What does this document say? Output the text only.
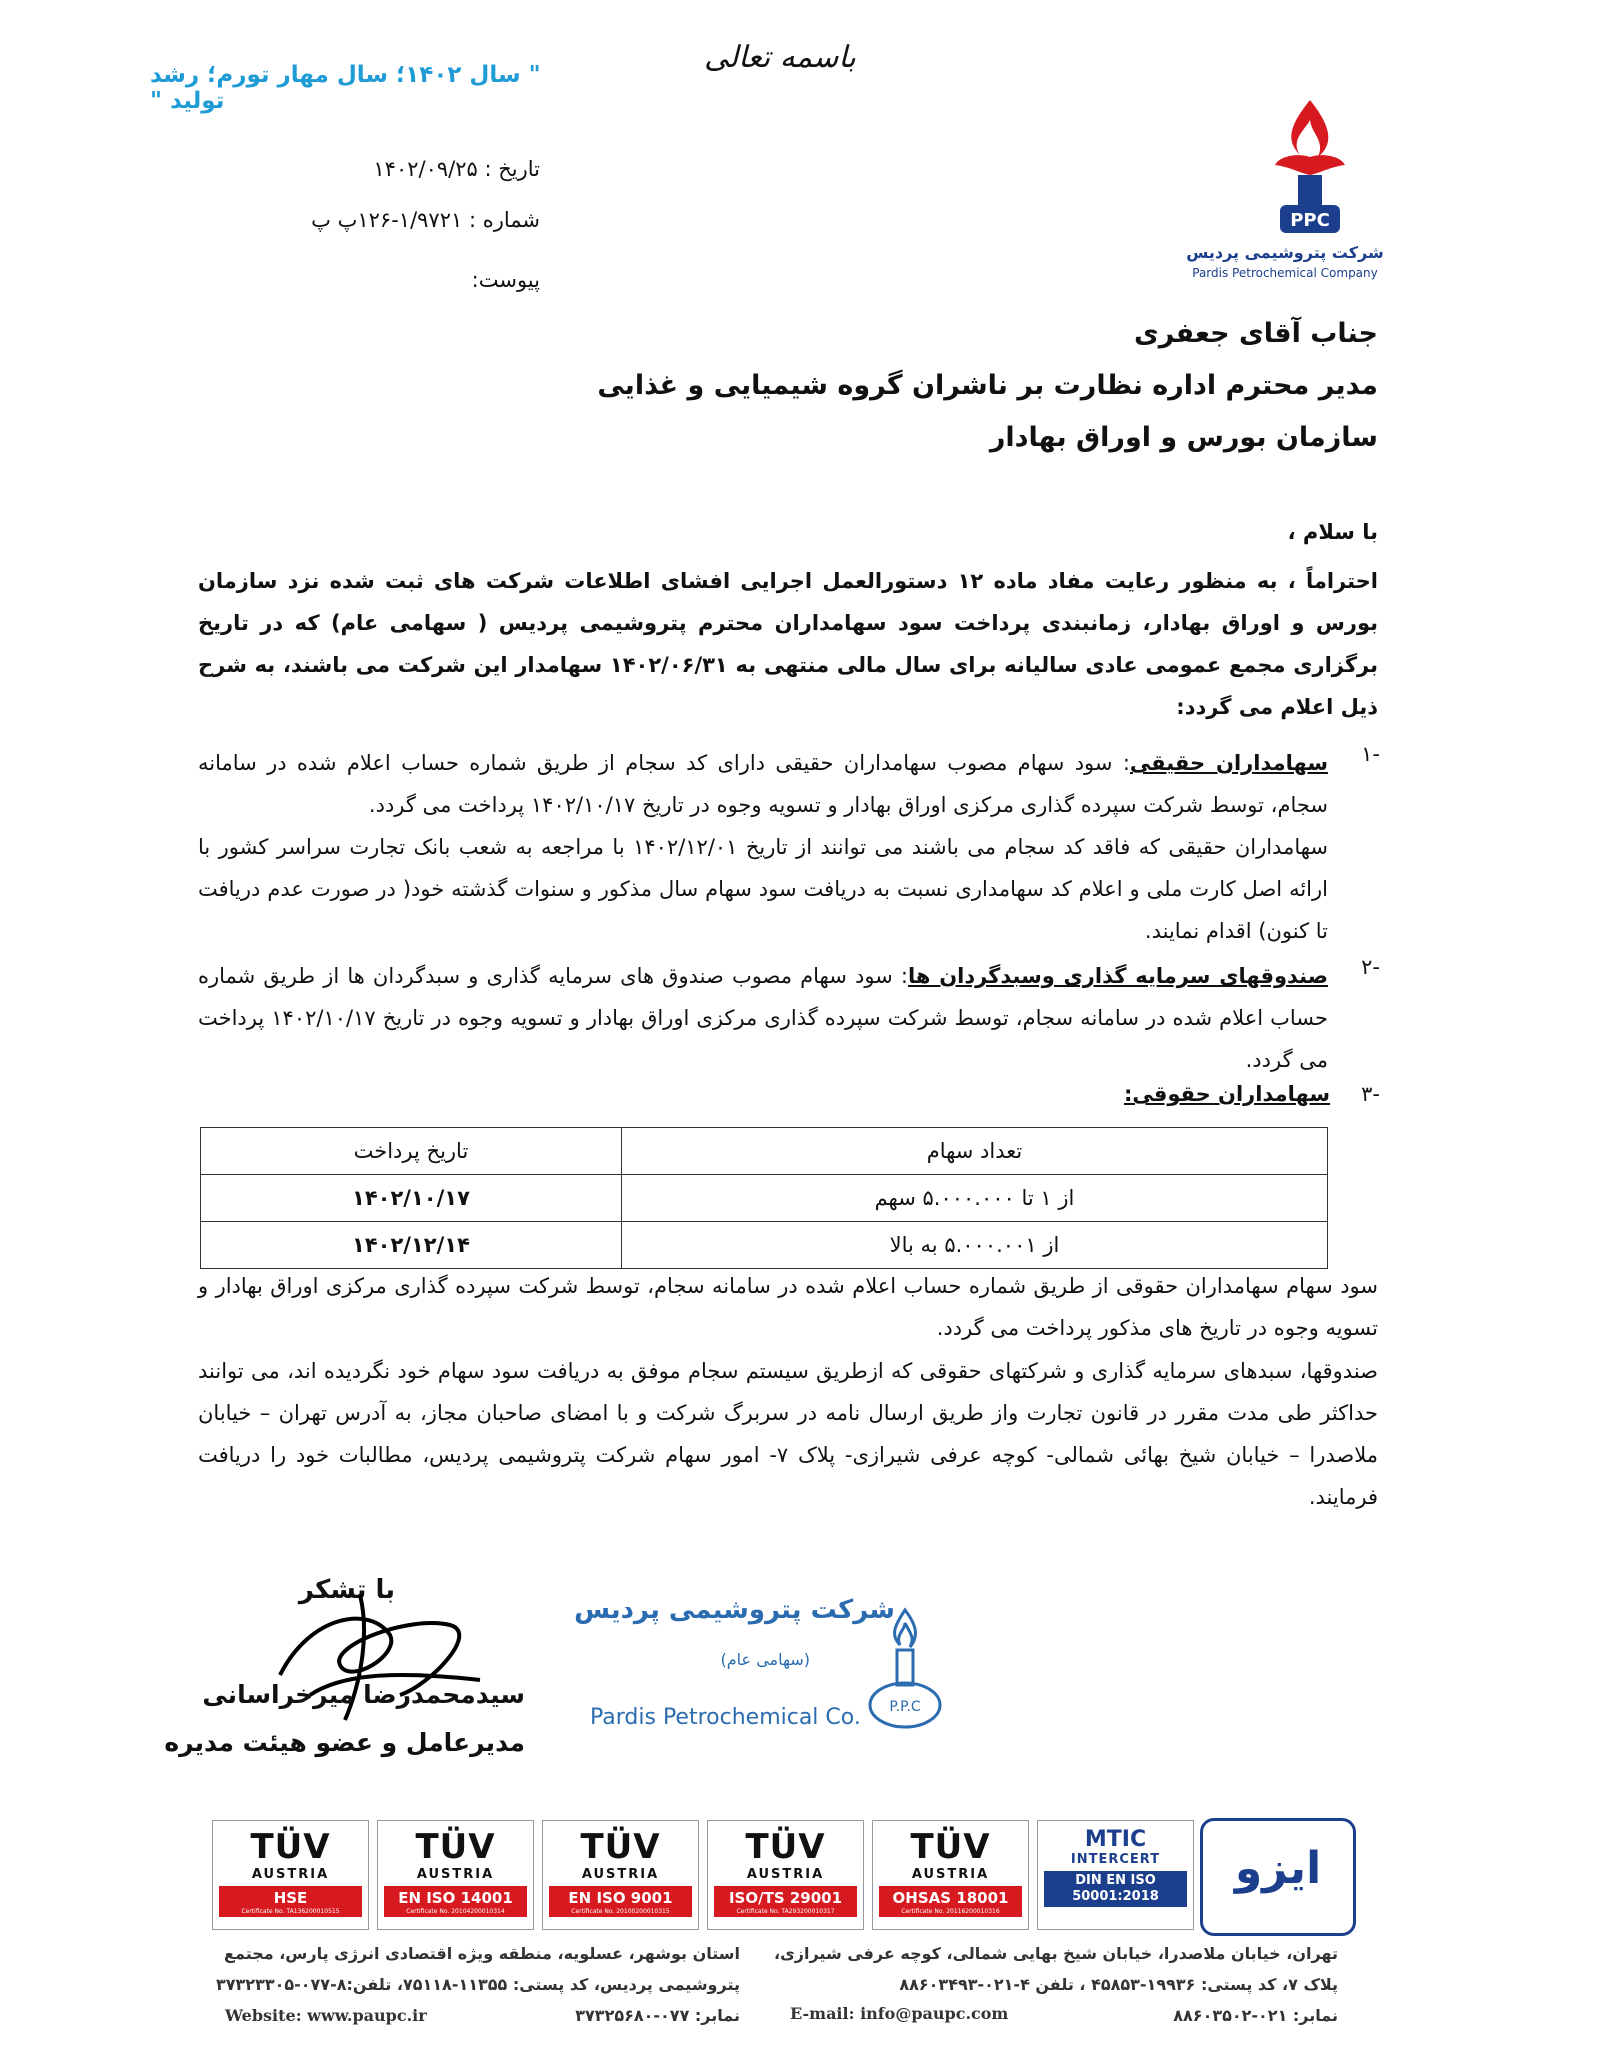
باسمه تعالی
" سال ۱۴۰۲؛ سال مهار تورم؛ رشد تولید "
تاریخ : ۱۴۰۲/۰۹/۲۵
شماره : ۱/۹۷۲۱-۱۲۶پ پ
پیوست:
PPC
شرکت پتروشیمی پردیس
Pardis Petrochemical Company
جناب آقای جعفری
مدیر محترم اداره نظارت بر ناشران گروه شیمیایی و غذایی
سازمان بورس و اوراق بهادار
با سلام ،
احتراماً ، به منظور رعایت مفاد ماده ۱۲ دستورالعمل اجرایی افشای اطلاعات شرکت های ثبت شده نزد سازمان بورس و اوراق بهادار، زمانبندی پرداخت سود سهامداران محترم پتروشیمی پردیس ( سهامی عام) که در تاریخ برگزاری مجمع عمومی عادی سالیانه برای سال مالی منتهی به ۱۴۰۲/۰۶/۳۱ سهامدار این شرکت می باشند، به شرح ذیل اعلام می گردد:
-۱
سهامداران حقیقی: سود سهام مصوب سهامداران حقیقی دارای کد سجام از طریق شماره حساب اعلام شده در سامانه سجام، توسط شرکت سپرده گذاری مرکزی اوراق بهادار و تسویه وجوه در تاریخ ۱۴۰۲/۱۰/۱۷ پرداخت می گردد.
سهامداران حقیقی که فاقد کد سجام می باشند می توانند از تاریخ ۱۴۰۲/۱۲/۰۱ با مراجعه به شعب بانک تجارت سراسر کشور با ارائه اصل کارت ملی و اعلام کد سهامداری نسبت به دریافت سود سهام سال مذکور و سنوات گذشته خود( در صورت عدم دریافت تا کنون) اقدام نمایند.
-۲
صندوقهای سرمایه گذاری وسبدگردان ها: سود سهام مصوب صندوق های سرمایه گذاری و سبدگردان ها از طریق شماره حساب اعلام شده در سامانه سجام، توسط شرکت سپرده گذاری مرکزی اوراق بهادار و تسویه وجوه در تاریخ ۱۴۰۲/۱۰/۱۷ پرداخت می گردد.
-۳
سهامداران حقوقی:
تعداد سهام	تاریخ پرداخت
از ۱ تا ۵.۰۰۰.۰۰۰ سهم	۱۴۰۲/۱۰/۱۷
از ۵.۰۰۰.۰۰۱ به بالا	۱۴۰۲/۱۲/۱۴
سود سهام سهامداران حقوقی از طریق شماره حساب اعلام شده در سامانه سجام، توسط شرکت سپرده گذاری مرکزی اوراق بهادار و تسویه وجوه در تاریخ های مذکور پرداخت می گردد.
صندوقها، سبدهای سرمایه گذاری و شرکتهای حقوقی که ازطریق سیستم سجام موفق به دریافت سود سهام خود نگردیده اند، می توانند حداکثر طی مدت مقرر در قانون تجارت واز طریق ارسال نامه در سربرگ شرکت و با امضای صاحبان مجاز، به آدرس تهران – خیابان ملاصدرا – خیابان شیخ بهائی شمالی- کوچه عرفی شیرازی- پلاک ۷- امور سهام شرکت پتروشیمی پردیس، مطالبات خود را دریافت فرمایند.
با تشکر
سیدمحمدرضا میرخراسانی
مدیرعامل و عضو هیئت مدیره
شرکت پتروشیمی پردیس
(سهامی عام)
Pardis Petrochemical Co. P.P.C
TÜV
AUSTRIA
HSE
Certificate No. TA136200010515
TÜV
AUSTRIA
EN ISO 14001
Certificate No. 20104200010314
TÜV
AUSTRIA
EN ISO 9001
Certificate No. 20100200010315
TÜV
AUSTRIA
ISO/TS 29001
Certificate No. TA293200010317
TÜV
AUSTRIA
OHSAS 18001
Certificate No. 20116200010316
MTIC
INTERCERT
DIN EN ISO 50001:2018
ایزو
تهران، خیابان ملاصدرا، خیابان شیخ بهایی شمالی، کوچه عرفی شیرازی،
پلاک ۷، کد پستی: ۱۹۹۳۶-۴۵۸۵۳ ، تلفن ۴-۰۲۱-۸۸۶۰۳۴۹۳
نمابر: ۰۲۱-۸۸۶۰۳۵۰۲
E-mail: info@paupc.com
استان بوشهر، عسلویه، منطقه ویژه اقتصادی انرژی پارس، مجتمع
پتروشیمی پردیس، کد پستی: ۱۱۳۵۵-۷۵۱۱۸، تلفن:۸-۰۷۷-۳۷۳۲۳۳۰۵
نمابر: ۰۷۷-۳۷۳۲۵۶۸۰
Website: www.paupc.ir
